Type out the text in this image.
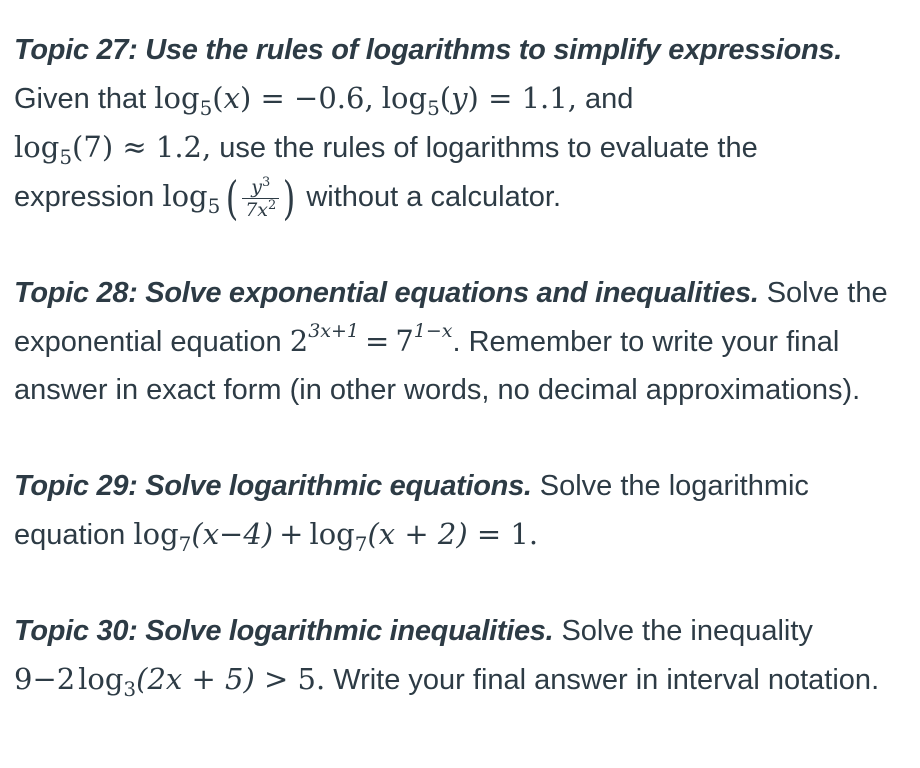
Topic 27: Use the rules of logarithms to simplify expressions.
Given that $\log_5(x) = -0.6$, $\log_5(y) = 1.1$, and
$\log_5(7) \approx 1.2$, use the rules of logarithms to evaluate the
expression $\log_5$  ( $\frac{y^3}{7x^2}$ ) without a calculator.

Topic 28: Solve exponential equations and inequalities. Solve the exponential equation $2^{3x+1} = 7^{1-x}$. Remember to write your final answer in exact form (in other words, no decimal approximations).

Topic 29: Solve logarithmic equations. Solve the logarithmic equation $\log_7(x-4) + \log_7(x + 2) = 1$.

Topic 30: Solve logarithmic inequalities. Solve the inequality
9−2 $\log_3(2x + 5) > 5$. Write your final answer in interval notation.
